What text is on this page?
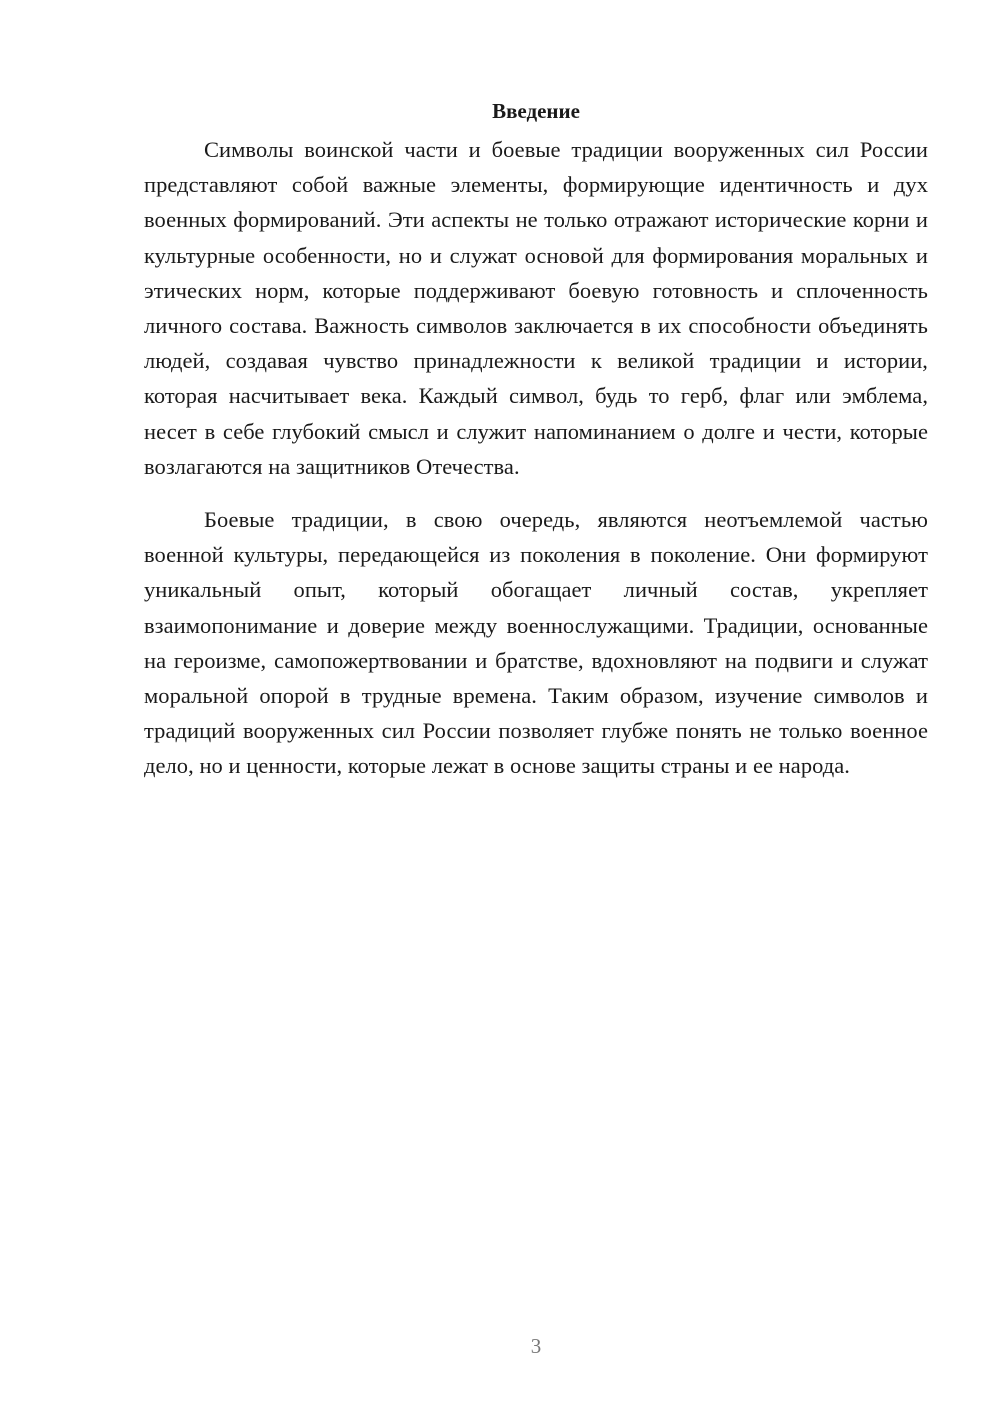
Введение

Символы воинской части и боевые традиции вооруженных сил России представляют собой важные элементы, формирующие идентичность и дух военных формирований. Эти аспекты не только отражают исторические корни и культурные особенности, но и служат основой для формирования моральных и этических норм, которые поддерживают боевую готовность и сплоченность личного состава. Важность символов заключается в их способности объединять людей, создавая чувство принадлежности к великой традиции и истории, которая насчитывает века. Каждый символ, будь то герб, флаг или эмблема, несет в себе глубокий смысл и служит напоминанием о долге и чести, которые возлагаются на защитников Отечества.

Боевые традиции, в свою очередь, являются неотъемлемой частью военной культуры, передающейся из поколения в поколение. Они формируют уникальный опыт, который обогащает личный состав, укрепляет взаимопонимание и доверие между военнослужащими. Традиции, основанные на героизме, самопожертвовании и братстве, вдохновляют на подвиги и служат моральной опорой в трудные времена. Таким образом, изучение символов и традиций вооруженных сил России позволяет глубже понять не только военное дело, но и ценности, которые лежат в основе защиты страны и ее народа.

3
